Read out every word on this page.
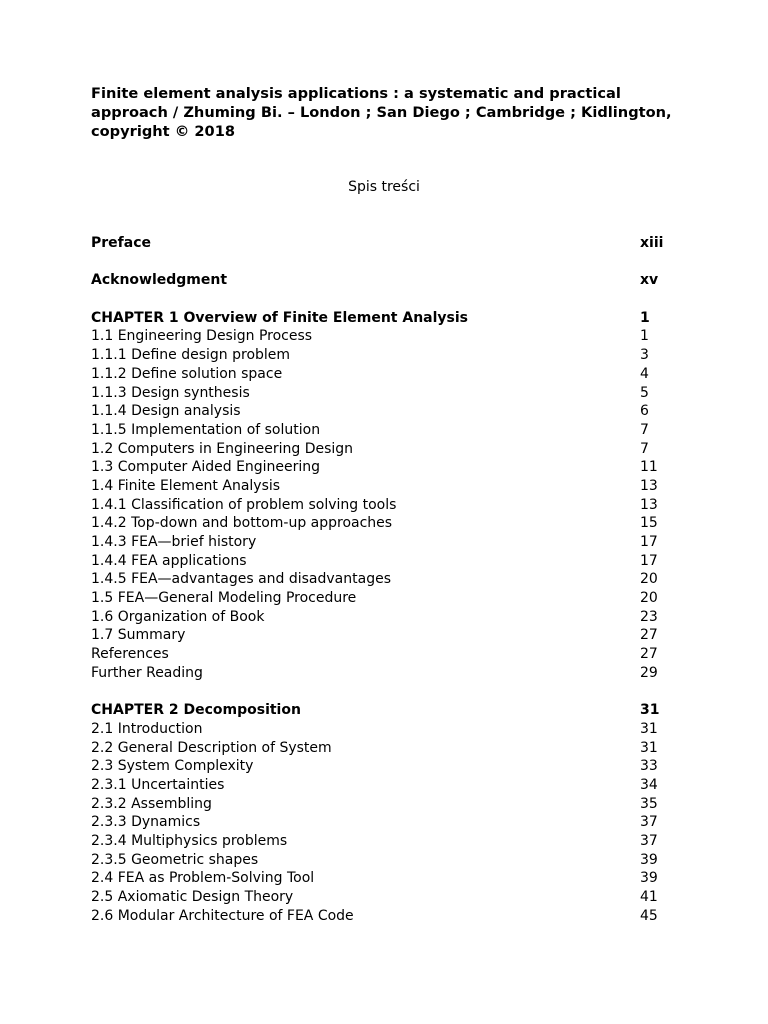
Finite element analysis applications : a systematic and practical approach / Zhuming Bi. – London ; San Diego ; Cambridge ; Kidlington, copyright © 2018
Spis treści
Preface	xiii
Acknowledgment	xv
CHAPTER 1 Overview of Finite Element Analysis	1
1.1 Engineering Design Process	1
1.1.1 Define design problem	3
1.1.2 Define solution space	4
1.1.3 Design synthesis	5
1.1.4 Design analysis	6
1.1.5 Implementation of solution	7
1.2 Computers in Engineering Design	7
1.3 Computer Aided Engineering	11
1.4 Finite Element Analysis	13
1.4.1 Classification of problem solving tools	13
1.4.2 Top-down and bottom-up approaches	15
1.4.3 FEA—brief history	17
1.4.4 FEA applications	17
1.4.5 FEA—advantages and disadvantages	20
1.5 FEA—General Modeling Procedure	20
1.6 Organization of Book	23
1.7 Summary	27
References	27
Further Reading	29
CHAPTER 2 Decomposition	31
2.1 Introduction	31
2.2 General Description of System	31
2.3 System Complexity	33
2.3.1 Uncertainties	34
2.3.2 Assembling	35
2.3.3 Dynamics	37
2.3.4 Multiphysics problems	37
2.3.5 Geometric shapes	39
2.4 FEA as Problem-Solving Tool	39
2.5 Axiomatic Design Theory	41
2.6 Modular Architecture of FEA Code	45
